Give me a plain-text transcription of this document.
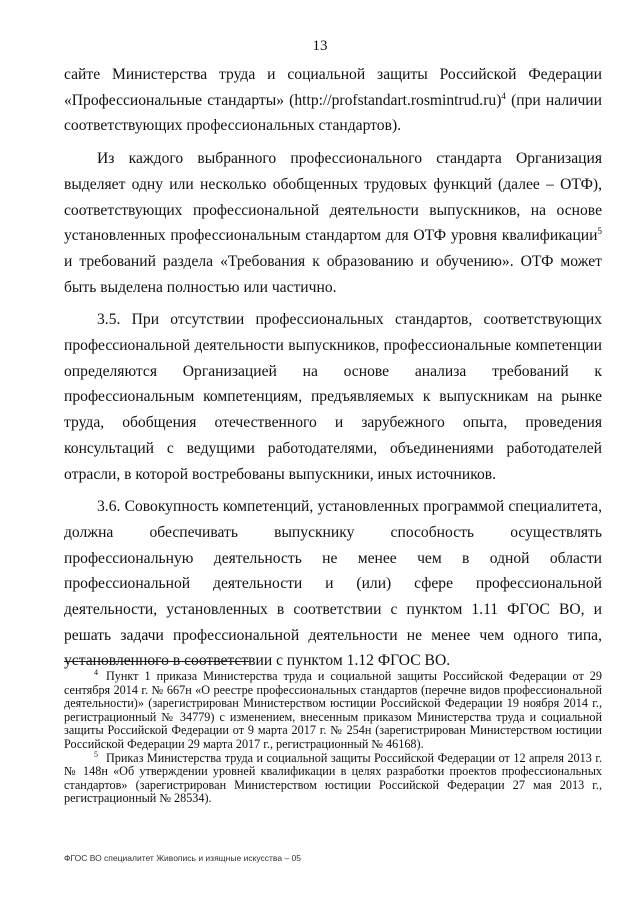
13

сайте Министерства труда и социальной защиты Российской Федерации «Профессиональные стандарты» (http://profstandart.rosmintrud.ru)$^4$ (при наличии соответствующих профессиональных стандартов).

Из каждого выбранного профессионального стандарта Организация выделяет одну или несколько обобщенных трудовых функций (далее – ОТФ), соответствующих профессиональной деятельности выпускников, на основе установленных профессиональным стандартом для ОТФ уровня квалификации$^5$ и требований раздела «Требования к образованию и обучению». ОТФ может быть выделена полностью или частично.

3.5. При отсутствии профессиональных стандартов, соответствующих профессиональной деятельности выпускников, профессиональные компетенции определяются Организацией на основе анализа требований к профессиональным компетенциям, предъявляемых к выпускникам на рынке труда, обобщения отечественного и зарубежного опыта, проведения консультаций с ведущими работодателями, объединениями работодателей отрасли, в которой востребованы выпускники, иных источников.

3.6. Совокупность компетенций, установленных программой специалитета, должна обеспечивать выпускнику способность осуществлять профессиональную деятельность не менее чем в одной области профессиональной деятельности и (или) сфере профессиональной деятельности, установленных в соответствии с пунктом 1.11 ФГОС ВО, и решать задачи профессиональной деятельности не менее чем одного типа, установленного в соответствии с пунктом 1.12 ФГОС ВО.

$^4$ Пункт 1 приказа Министерства труда и социальной защиты Российской Федерации от 29 сентября 2014 г. № 667н «О реестре профессиональных стандартов (перечне видов профессиональной деятельности)» (зарегистрирован Министерством юстиции Российской Федерации 19 ноября 2014 г., регистрационный № 34779) с изменением, внесенным приказом Министерства труда и социальной защиты Российской Федерации от 9 марта 2017 г. № 254н (зарегистрирован Министерством юстиции Российской Федерации 29 марта 2017 г., регистрационный № 46168).

$^5$ Приказ Министерства труда и социальной защиты Российской Федерации от 12 апреля 2013 г. № 148н «Об утверждении уровней квалификации в целях разработки проектов профессиональных стандартов» (зарегистрирован Министерством юстиции Российской Федерации 27 мая 2013 г., регистрационный № 28534).

ФГОС ВО специалитет Живопись и изящные искусства – 05
